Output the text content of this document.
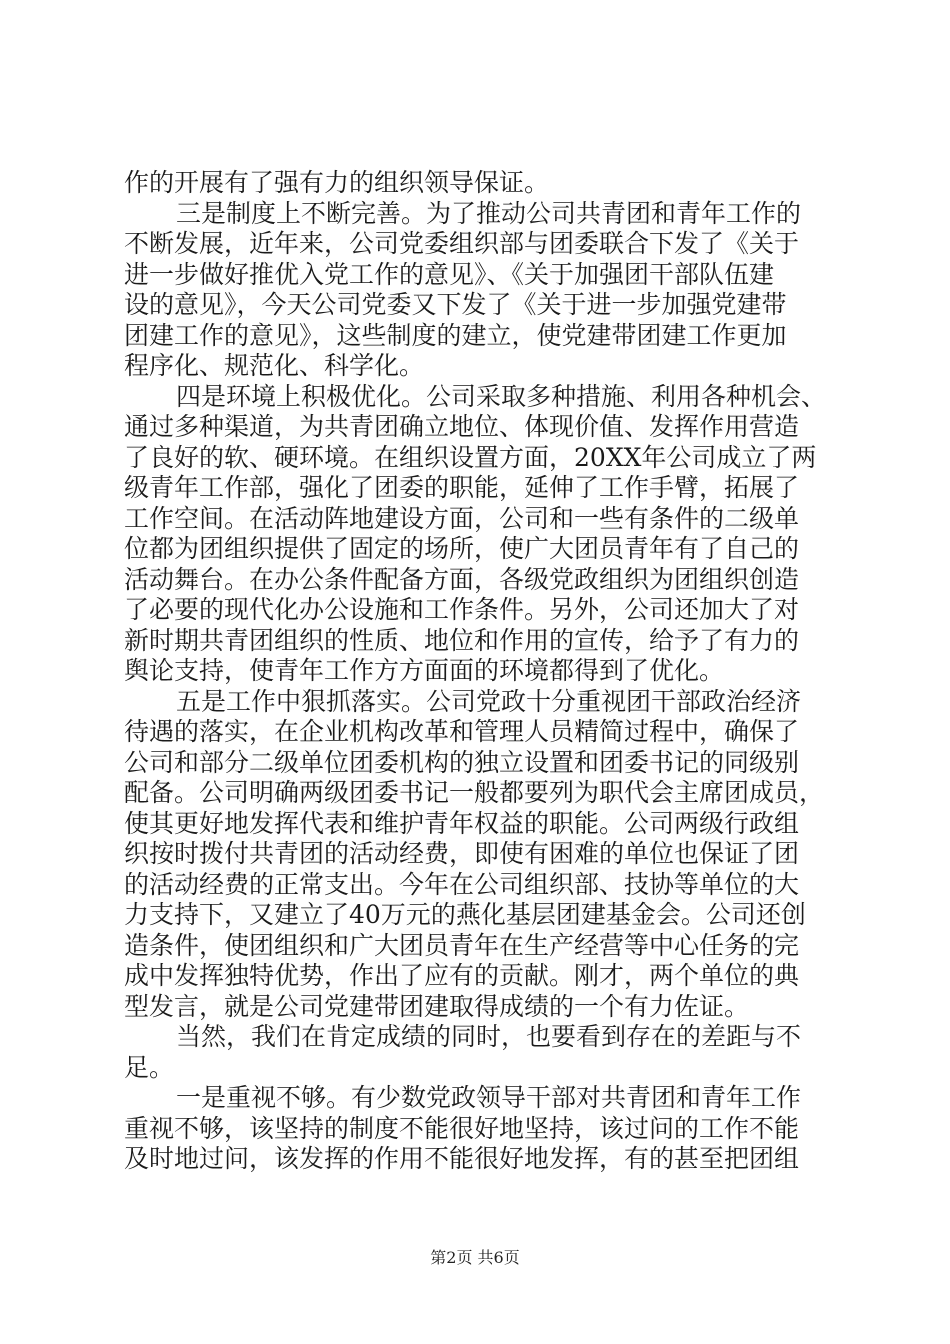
作的开展有了强有力的组织领导保证。
三是制度上不断完善。为了推动公司共青团和青年工作的
不断发展，近年来，公司党委组织部与团委联合下发了《关于
进一步做好推优入党工作的意见》、《关于加强团干部队伍建
设的意见》，今天公司党委又下发了《关于进一步加强党建带
团建工作的意见》，这些制度的建立，使党建带团建工作更加
程序化、规范化、科学化。
四是环境上积极优化。公司采取多种措施、利用各种机会、
通过多种渠道，为共青团确立地位、体现价值、发挥作用营造
了良好的软、硬环境。在组织设置方面，20XX年公司成立了两
级青年工作部，强化了团委的职能，延伸了工作手臂，拓展了
工作空间。在活动阵地建设方面，公司和一些有条件的二级单
位都为团组织提供了固定的场所，使广大团员青年有了自己的
活动舞台。在办公条件配备方面，各级党政组织为团组织创造
了必要的现代化办公设施和工作条件。另外，公司还加大了对
新时期共青团组织的性质、地位和作用的宣传，给予了有力的
舆论支持，使青年工作方方面面的环境都得到了优化。
五是工作中狠抓落实。公司党政十分重视团干部政治经济
待遇的落实，在企业机构改革和管理人员精简过程中，确保了
公司和部分二级单位团委机构的独立设置和团委书记的同级别
配备。公司明确两级团委书记一般都要列为职代会主席团成员，
使其更好地发挥代表和维护青年权益的职能。公司两级行政组
织按时拨付共青团的活动经费，即使有困难的单位也保证了团
的活动经费的正常支出。今年在公司组织部、技协等单位的大
力支持下，又建立了40万元的燕化基层团建基金会。公司还创
造条件，使团组织和广大团员青年在生产经营等中心任务的完
成中发挥独特优势，作出了应有的贡献。刚才，两个单位的典
型发言，就是公司党建带团建取得成绩的一个有力佐证。
当然，我们在肯定成绩的同时，也要看到存在的差距与不
足。
一是重视不够。有少数党政领导干部对共青团和青年工作
重视不够，该坚持的制度不能很好地坚持，该过问的工作不能
及时地过问，该发挥的作用不能很好地发挥，有的甚至把团组
第2页 共6页
